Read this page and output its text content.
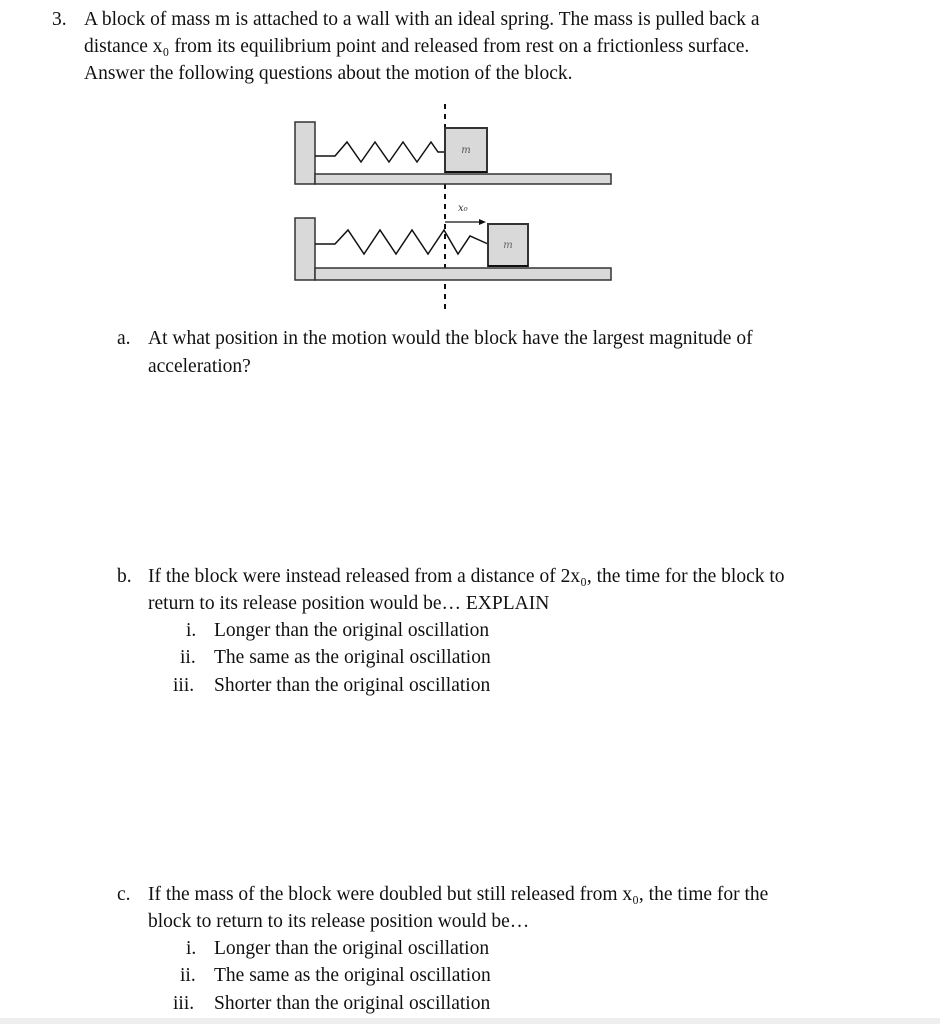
3. A block of mass m is attached to a wall with an ideal spring. The mass is pulled back a
distance x₀ from its equilibrium point and released from rest on a frictionless surface.
Answer the following questions about the motion of the block.
m
x₀
m
a. At what position in the motion would the block have the largest magnitude of
acceleration?
b. If the block were instead released from a distance of 2x₀, the time for the block to
return to its release position would be… EXPLAIN
i. Longer than the original oscillation
ii. The same as the original oscillation
iii. Shorter than the original oscillation
c. If the mass of the block were doubled but still released from x₀, the time for the
block to return to its release position would be…
i. Longer than the original oscillation
ii. The same as the original oscillation
iii. Shorter than the original oscillation
